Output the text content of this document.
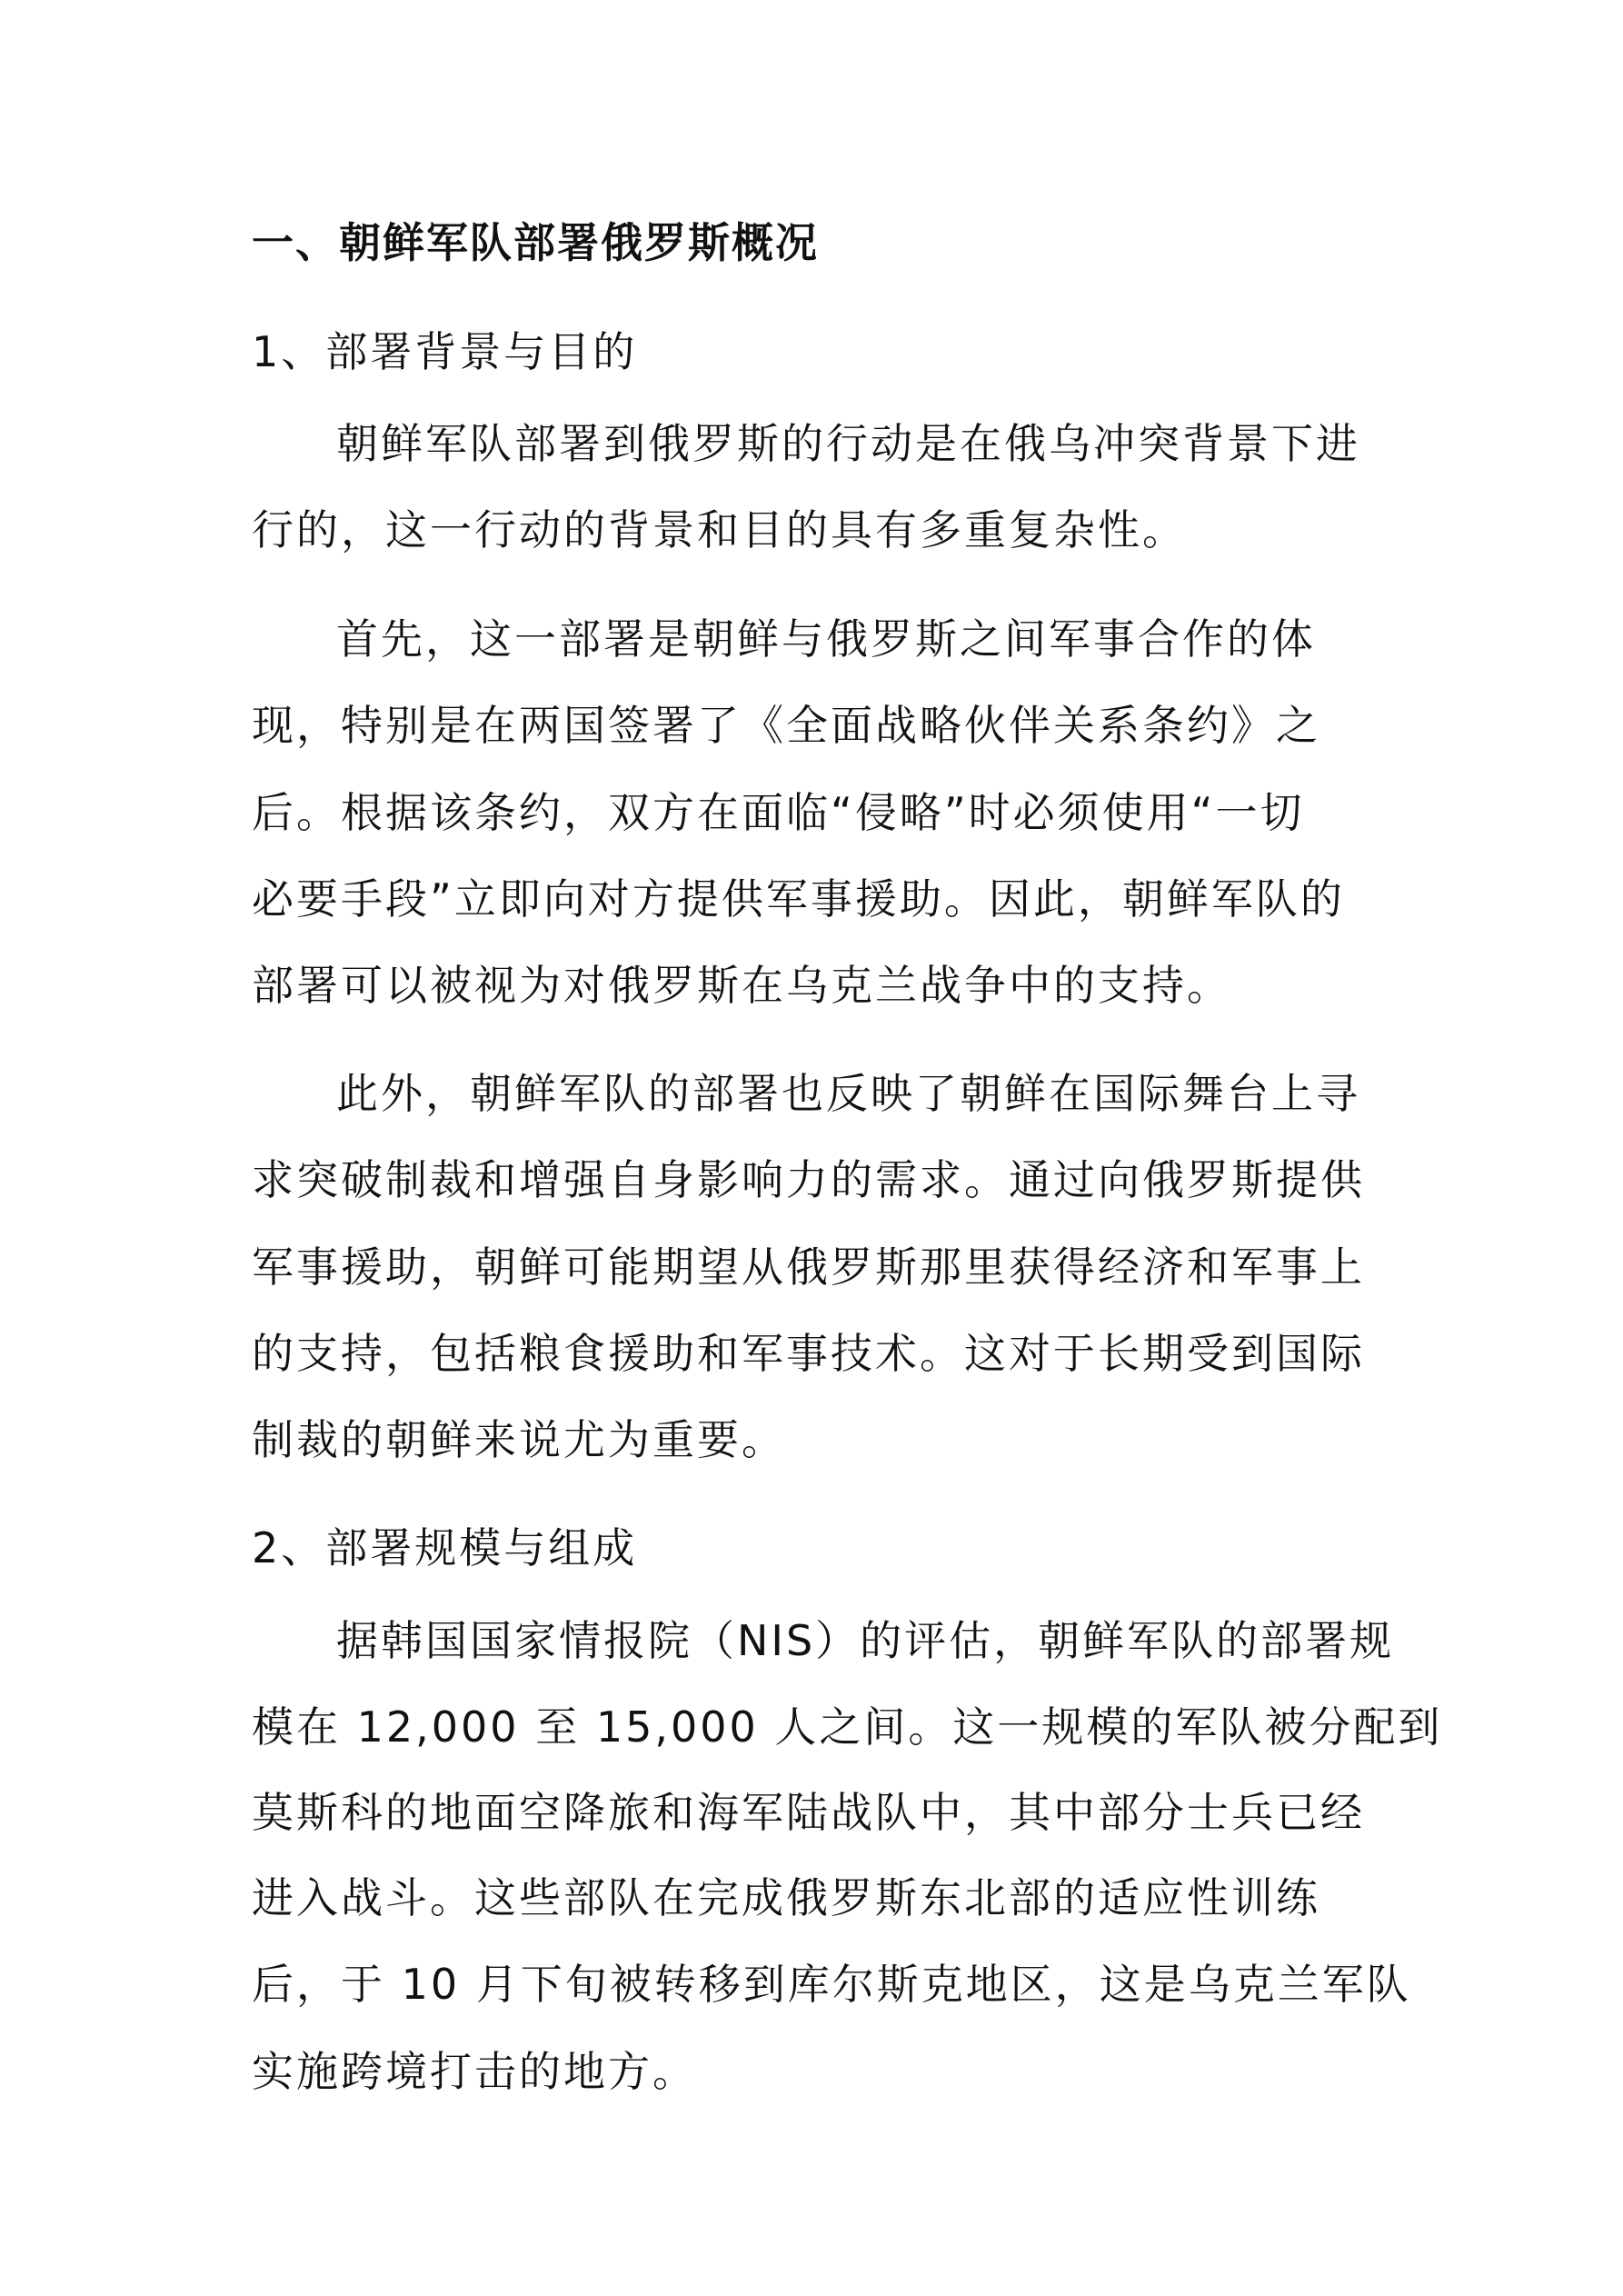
一、朝鲜军队部署俄罗斯概况
1、部署背景与目的
朝鲜军队部署到俄罗斯的行动是在俄乌冲突背景下进
行的，这一行动的背景和目的具有多重复杂性。
首先，这一部署是朝鲜与俄罗斯之间军事合作的体
现，特别是在两国签署了《全面战略伙伴关系条约》之
后。根据该条约，双方在面临“侵略”时必须使用“一切
必要手段”立即向对方提供军事援助。因此，朝鲜军队的
部署可以被视为对俄罗斯在乌克兰战争中的支持。
此外，朝鲜军队的部署也反映了朝鲜在国际舞台上寻
求突破制裁和增强自身影响力的需求。通过向俄罗斯提供
军事援助，朝鲜可能期望从俄罗斯那里获得经济和军事上
的支持，包括粮食援助和军事技术。这对于长期受到国际
制裁的朝鲜来说尤为重要。
2、部署规模与组成
据韩国国家情报院（NIS）的评估，朝鲜军队的部署规
模在 12,000 至 15,000 人之间。这一规模的军队被分配到
莫斯科的地面空降旅和海军陆战队中，其中部分士兵已经
进入战斗。这些部队在完成俄罗斯东北部的适应性训练
后，于 10 月下旬被转移到库尔斯克地区，这是乌克兰军队
实施跨境打击的地方。
